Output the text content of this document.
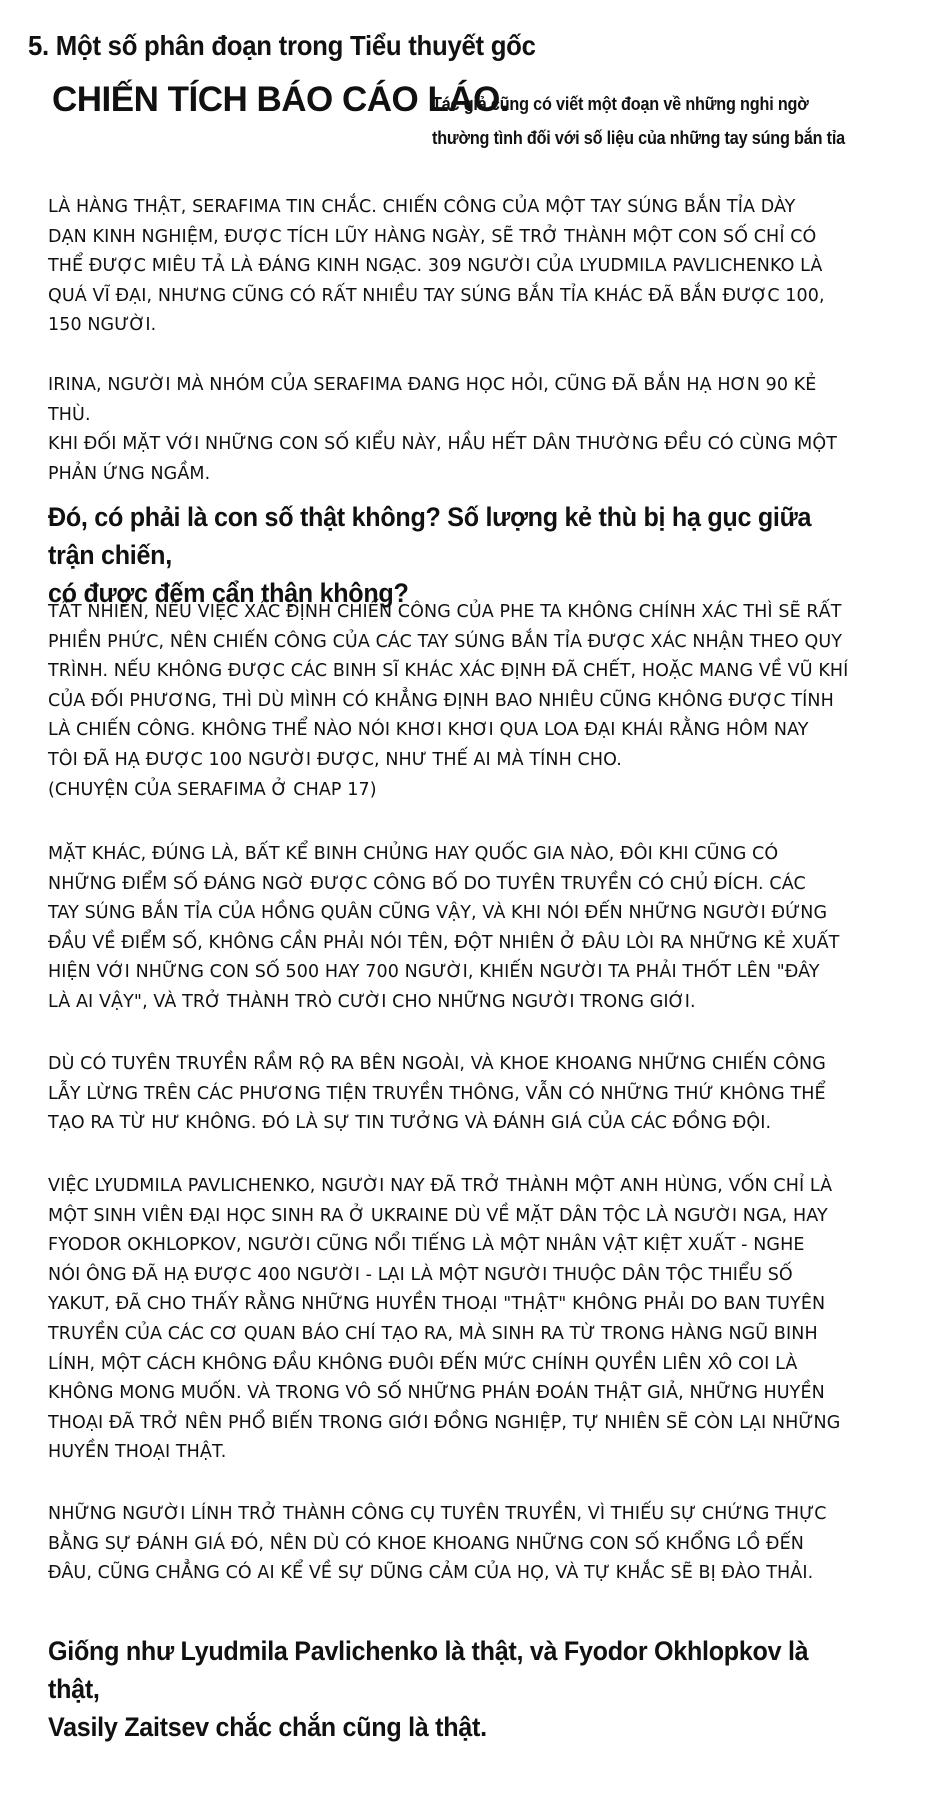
5. Một số phân đoạn trong Tiểu thuyết gốc
CHIẾN TÍCH BÁO CÁO LÁO.
Tác giả cũng có viết một đoạn về những nghi ngờ
thường tình đối với số liệu của những tay súng bắn tỉa
LÀ HÀNG THẬT, SERAFIMA TIN CHẮC. CHIẾN CÔNG CỦA MỘT TAY SÚNG BẮN TỈA DÀY
DẠN KINH NGHIỆM, ĐƯỢC TÍCH LŨY HÀNG NGÀY, SẼ TRỞ THÀNH MỘT CON SỐ CHỈ CÓ
THỂ ĐƯỢC MIÊU TẢ LÀ ĐÁNG KINH NGẠC. 309 NGƯỜI CỦA LYUDMILA PAVLICHENKO LÀ
QUÁ VĨ ĐẠI, NHƯNG CŨNG CÓ RẤT NHIỀU TAY SÚNG BẮN TỈA KHÁC ĐÃ BẮN ĐƯỢC 100,
150 NGƯỜI.
IRINA, NGƯỜI MÀ NHÓM CỦA SERAFIMA ĐANG HỌC HỎI, CŨNG ĐÃ BẮN HẠ HƠN 90 KẺ
THÙ.
KHI ĐỐI MẶT VỚI NHỮNG CON SỐ KIỂU NÀY, HẦU HẾT DÂN THƯỜNG ĐỀU CÓ CÙNG MỘT
PHẢN ỨNG NGẦM.
Đó, có phải là con số thật không? Số lượng kẻ thù bị hạ gục giữa trận chiến,
có được đếm cẩn thận không?
TẤT NHIÊN, NẾU VIỆC XÁC ĐỊNH CHIẾN CÔNG CỦA PHE TA KHÔNG CHÍNH XÁC THÌ SẼ RẤT
PHIỀN PHỨC, NÊN CHIẾN CÔNG CỦA CÁC TAY SÚNG BẮN TỈA ĐƯỢC XÁC NHẬN THEO QUY
TRÌNH. NẾU KHÔNG ĐƯỢC CÁC BINH SĨ KHÁC XÁC ĐỊNH ĐÃ CHẾT, HOẶC MANG VỀ VŨ KHÍ
CỦA ĐỐI PHƯƠNG, THÌ DÙ MÌNH CÓ KHẲNG ĐỊNH BAO NHIÊU CŨNG KHÔNG ĐƯỢC TÍNH
LÀ CHIẾN CÔNG. KHÔNG THỂ NÀO NÓI KHƠI KHƠI QUA LOA ĐẠI KHÁI RẰNG HÔM NAY
TÔI ĐÃ HẠ ĐƯỢC 100 NGƯỜI ĐƯỢC, NHƯ THẾ AI MÀ TÍNH CHO.
(CHUYỆN CỦA SERAFIMA Ở CHAP 17)
MẶT KHÁC, ĐÚNG LÀ, BẤT KỂ BINH CHỦNG HAY QUỐC GIA NÀO, ĐÔI KHI CŨNG CÓ
NHỮNG ĐIỂM SỐ ĐÁNG NGỜ ĐƯỢC CÔNG BỐ DO TUYÊN TRUYỀN CÓ CHỦ ĐÍCH. CÁC
TAY SÚNG BẮN TỈA CỦA HỒNG QUÂN CŨNG VẬY, VÀ KHI NÓI ĐẾN NHỮNG NGƯỜI ĐỨNG
ĐẦU VỀ ĐIỂM SỐ, KHÔNG CẦN PHẢI NÓI TÊN, ĐỘT NHIÊN Ở ĐÂU LÒI RA NHỮNG KẺ XUẤT
HIỆN VỚI NHỮNG CON SỐ 500 HAY 700 NGƯỜI, KHIẾN NGƯỜI TA PHẢI THỐT LÊN "ĐÂY
LÀ AI VẬY", VÀ TRỞ THÀNH TRÒ CƯỜI CHO NHỮNG NGƯỜI TRONG GIỚI.
DÙ CÓ TUYÊN TRUYỀN RẦM RỘ RA BÊN NGOÀI, VÀ KHOE KHOANG NHỮNG CHIẾN CÔNG
LẪY LỪNG TRÊN CÁC PHƯƠNG TIỆN TRUYỀN THÔNG, VẪN CÓ NHỮNG THỨ KHÔNG THỂ
TẠO RA TỪ HƯ KHÔNG. ĐÓ LÀ SỰ TIN TƯỞNG VÀ ĐÁNH GIÁ CỦA CÁC ĐỒNG ĐỘI.
VIỆC LYUDMILA PAVLICHENKO, NGƯỜI NAY ĐÃ TRỞ THÀNH MỘT ANH HÙNG, VỐN CHỈ LÀ
MỘT SINH VIÊN ĐẠI HỌC SINH RA Ở UKRAINE DÙ VỀ MẶT DÂN TỘC LÀ NGƯỜI NGA, HAY
FYODOR OKHLOPKOV, NGƯỜI CŨNG NỔI TIẾNG LÀ MỘT NHÂN VẬT KIỆT XUẤT - NGHE
NÓI ÔNG ĐÃ HẠ ĐƯỢC 400 NGƯỜI - LẠI LÀ MỘT NGƯỜI THUỘC DÂN TỘC THIỂU SỐ
YAKUT, ĐÃ CHO THẤY RẰNG NHỮNG HUYỀN THOẠI "THẬT" KHÔNG PHẢI DO BAN TUYÊN
TRUYỀN CỦA CÁC CƠ QUAN BÁO CHÍ TẠO RA, MÀ SINH RA TỪ TRONG HÀNG NGŨ BINH
LÍNH, MỘT CÁCH KHÔNG ĐẦU KHÔNG ĐUÔI ĐẾN MỨC CHÍNH QUYỀN LIÊN XÔ COI LÀ
KHÔNG MONG MUỐN. VÀ TRONG VÔ SỐ NHỮNG PHÁN ĐOÁN THẬT GIẢ, NHỮNG HUYỀN
THOẠI ĐÃ TRỞ NÊN PHỔ BIẾN TRONG GIỚI ĐỒNG NGHIỆP, TỰ NHIÊN SẼ CÒN LẠI NHỮNG
HUYỀN THOẠI THẬT.
NHỮNG NGƯỜI LÍNH TRỞ THÀNH CÔNG CỤ TUYÊN TRUYỀN, VÌ THIẾU SỰ CHỨNG THỰC
BẰNG SỰ ĐÁNH GIÁ ĐÓ, NÊN DÙ CÓ KHOE KHOANG NHỮNG CON SỐ KHỔNG LỒ ĐẾN
ĐÂU, CŨNG CHẲNG CÓ AI KỂ VỀ SỰ DŨNG CẢM CỦA HỌ, VÀ TỰ KHẮC SẼ BỊ ĐÀO THẢI.
Giống như Lyudmila Pavlichenko là thật, và Fyodor Okhlopkov là thật,
Vasily Zaitsev chắc chắn cũng là thật.
